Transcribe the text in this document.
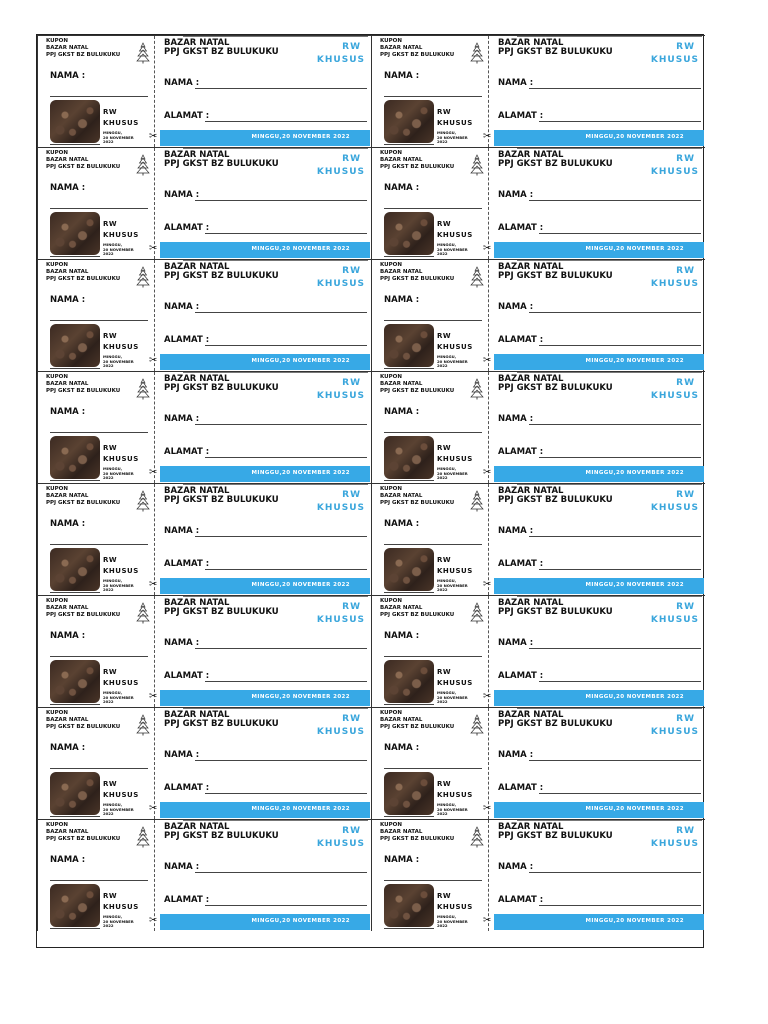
KUPON
BAZAR NATAL
PPJ GKST BZ BULUKUKU
NAMA :
RW
KHUSUS
MINGGU,
20 NOVEMBER
2022	✂
BAZAR NATAL
PPJ GKST BZ BULUKUKU	RW
KHUSUS
NAMA :
ALAMAT :
MINGGU,20 NOVEMBER 2022
KUPON
BAZAR NATAL
PPJ GKST BZ BULUKUKU
NAMA :
RW
KHUSUS
MINGGU,
20 NOVEMBER
2022	✂
BAZAR NATAL
PPJ GKST BZ BULUKUKU	RW
KHUSUS
NAMA :
ALAMAT :
MINGGU,20 NOVEMBER 2022
KUPON
BAZAR NATAL
PPJ GKST BZ BULUKUKU
NAMA :
RW
KHUSUS
MINGGU,
20 NOVEMBER
2022	✂
BAZAR NATAL
PPJ GKST BZ BULUKUKU	RW
KHUSUS
NAMA :
ALAMAT :
MINGGU,20 NOVEMBER 2022
KUPON
BAZAR NATAL
PPJ GKST BZ BULUKUKU
NAMA :
RW
KHUSUS
MINGGU,
20 NOVEMBER
2022	✂
BAZAR NATAL
PPJ GKST BZ BULUKUKU	RW
KHUSUS
NAMA :
ALAMAT :
MINGGU,20 NOVEMBER 2022
KUPON
BAZAR NATAL
PPJ GKST BZ BULUKUKU
NAMA :
RW
KHUSUS
MINGGU,
20 NOVEMBER
2022	✂
BAZAR NATAL
PPJ GKST BZ BULUKUKU	RW
KHUSUS
NAMA :
ALAMAT :
MINGGU,20 NOVEMBER 2022
KUPON
BAZAR NATAL
PPJ GKST BZ BULUKUKU
NAMA :
RW
KHUSUS
MINGGU,
20 NOVEMBER
2022	✂
BAZAR NATAL
PPJ GKST BZ BULUKUKU	RW
KHUSUS
NAMA :
ALAMAT :
MINGGU,20 NOVEMBER 2022
KUPON
BAZAR NATAL
PPJ GKST BZ BULUKUKU
NAMA :
RW
KHUSUS
MINGGU,
20 NOVEMBER
2022	✂
BAZAR NATAL
PPJ GKST BZ BULUKUKU	RW
KHUSUS
NAMA :
ALAMAT :
MINGGU,20 NOVEMBER 2022
KUPON
BAZAR NATAL
PPJ GKST BZ BULUKUKU
NAMA :
RW
KHUSUS
MINGGU,
20 NOVEMBER
2022	✂
BAZAR NATAL
PPJ GKST BZ BULUKUKU	RW
KHUSUS
NAMA :
ALAMAT :
MINGGU,20 NOVEMBER 2022
KUPON
BAZAR NATAL
PPJ GKST BZ BULUKUKU
NAMA :
RW
KHUSUS
MINGGU,
20 NOVEMBER
2022	✂
BAZAR NATAL
PPJ GKST BZ BULUKUKU	RW
KHUSUS
NAMA :
ALAMAT :
MINGGU,20 NOVEMBER 2022
KUPON
BAZAR NATAL
PPJ GKST BZ BULUKUKU
NAMA :
RW
KHUSUS
MINGGU,
20 NOVEMBER
2022	✂
BAZAR NATAL
PPJ GKST BZ BULUKUKU	RW
KHUSUS
NAMA :
ALAMAT :
MINGGU,20 NOVEMBER 2022
KUPON
BAZAR NATAL
PPJ GKST BZ BULUKUKU
NAMA :
RW
KHUSUS
MINGGU,
20 NOVEMBER
2022	✂
BAZAR NATAL
PPJ GKST BZ BULUKUKU	RW
KHUSUS
NAMA :
ALAMAT :
MINGGU,20 NOVEMBER 2022
KUPON
BAZAR NATAL
PPJ GKST BZ BULUKUKU
NAMA :
RW
KHUSUS
MINGGU,
20 NOVEMBER
2022	✂
BAZAR NATAL
PPJ GKST BZ BULUKUKU	RW
KHUSUS
NAMA :
ALAMAT :
MINGGU,20 NOVEMBER 2022
KUPON
BAZAR NATAL
PPJ GKST BZ BULUKUKU
NAMA :
RW
KHUSUS
MINGGU,
20 NOVEMBER
2022	✂
BAZAR NATAL
PPJ GKST BZ BULUKUKU	RW
KHUSUS
NAMA :
ALAMAT :
MINGGU,20 NOVEMBER 2022
KUPON
BAZAR NATAL
PPJ GKST BZ BULUKUKU
NAMA :
RW
KHUSUS
MINGGU,
20 NOVEMBER
2022	✂
BAZAR NATAL
PPJ GKST BZ BULUKUKU	RW
KHUSUS
NAMA :
ALAMAT :
MINGGU,20 NOVEMBER 2022
KUPON
BAZAR NATAL
PPJ GKST BZ BULUKUKU
NAMA :
RW
KHUSUS
MINGGU,
20 NOVEMBER
2022	✂
BAZAR NATAL
PPJ GKST BZ BULUKUKU	RW
KHUSUS
NAMA :
ALAMAT :
MINGGU,20 NOVEMBER 2022
KUPON
BAZAR NATAL
PPJ GKST BZ BULUKUKU
NAMA :
RW
KHUSUS
MINGGU,
20 NOVEMBER
2022	✂
BAZAR NATAL
PPJ GKST BZ BULUKUKU	RW
KHUSUS
NAMA :
ALAMAT :
MINGGU,20 NOVEMBER 2022
